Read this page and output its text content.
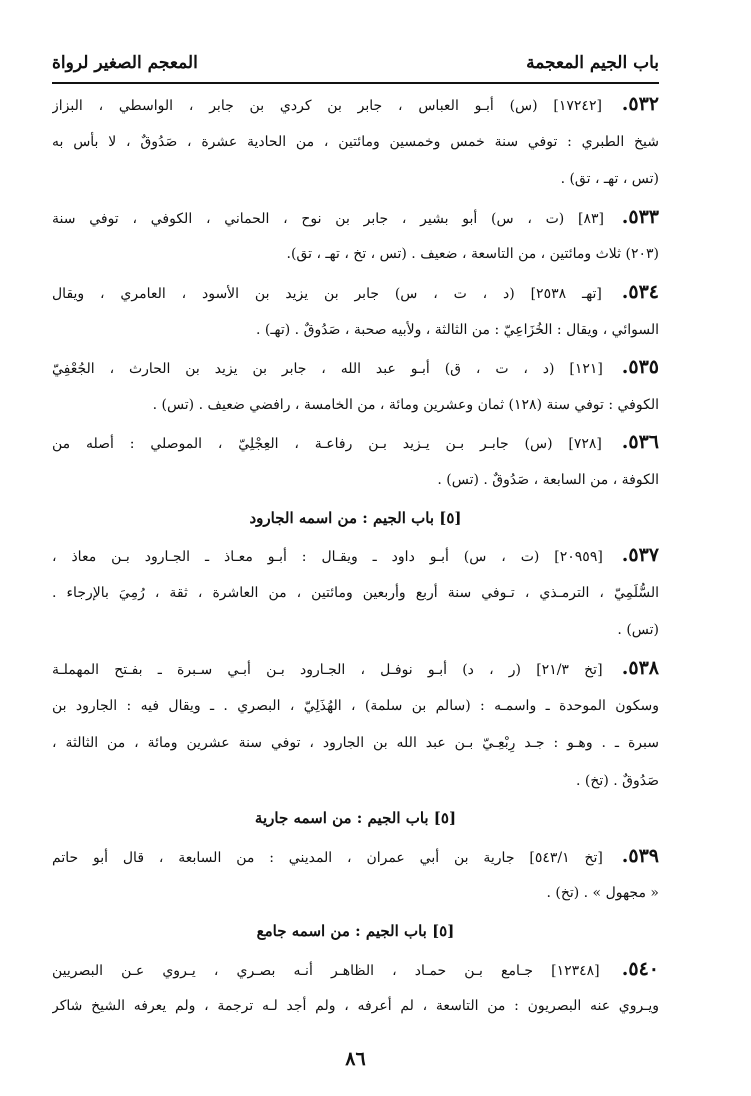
باب الجيم المعجمة
المعجم الصغير لرواة
٥٣٢. [١٧٢٤٢] (س) أبـو العباس ، جابر بن كردي بن جابر ، الواسطي ، البزاز
شيخ الطبري : توفي سنة خمس وخمسين ومائتين ، من الحادية عشرة ، صَدُوقٌ ، لا بأس به
(تس ، تهـ ، تق) .
٥٣٣. [٨٣] (ت ، س) أبو بشير ، جابر بن نوح ، الحماني ، الكوفي ، توفي سنة
(٢٠٣) ثلاث ومائتين ، من التاسعة ، ضعيف . (تس ، تخ ، تهـ ، تق).
٥٣٤. [تهـ ٢٥٣٨] (د ، ت ، س) جابر بن يزيد بن الأسود ، العامري ، ويقال
السوائي ، ويقال : الخُزَاعِيّ : من الثالثة ، ولأبيه صحبة ، صَدُوقٌ . (تهـ) .
٥٣٥. [١٢١] (د ، ت ، ق) أبـو عبد الله ، جابر بن يزيد بن الحارث ، الجُعْفِيّ
الكوفي : توفي سنة (١٢٨) ثمان وعشرين ومائة ، من الخامسة ، رافضي ضعيف . (تس) .
٥٣٦. [٧٢٨] (س) جابـر بـن يـزيد بـن رفاعـة ، العِجْلِيّ ، الموصلي : أصله من
الكوفة ، من السابعة ، صَدُوقٌ . (تس) .
[٥] باب الجيم : من اسمه الجارود
٥٣٧. [٢٠٩٥٩] (ت ، س) أبـو داود ـ ويقـال : أبـو معـاذ ـ الجـارود بـن معاذ ،
السُّلَمِيّ ، الترمـذي ، تـوفي سنة أربع وأربعين ومائتين ، من العاشرة ، ثقة ، رُمِيَ بالإرجاء .
(تس) .
٥٣٨. [تخ ٢١/٣] (ر ، د) أبـو نوفـل ، الجـارود بـن أبـي سـبرة ـ بفـتح المهملـة
وسكون الموحدة ـ واسمـه : (سالم بن سلمة) ، الهُذَلِيّ ، البصري . ـ ويقال فيه : الجارود بن
سبرة ـ . وهـو : جـد رِبْعِـيّ بـن عبد الله بن الجارود ، توفي سنة عشرين ومائة ، من الثالثة ،
صَدُوقٌ . (تخ) .
[٥] باب الجيم : من اسمه جارية
٥٣٩. [تخ ٥٤٣/١] جارية بن أبي عمران ، المديني : من السابعة ، قال أبو حاتم
« مجهول » . (تخ) .
[٥] باب الجيم : من اسمه جامع
٥٤٠. [١٢٣٤٨] جـامع بـن حمـاد ، الظاهـر أنـه بصـري ، يـروي عـن البصريين
ويـروي عنه البصريون : من التاسعة ، لم أعرفه ، ولم أجد لـه ترجمة ، ولم يعرفه الشيخ شاكر
٨٦
